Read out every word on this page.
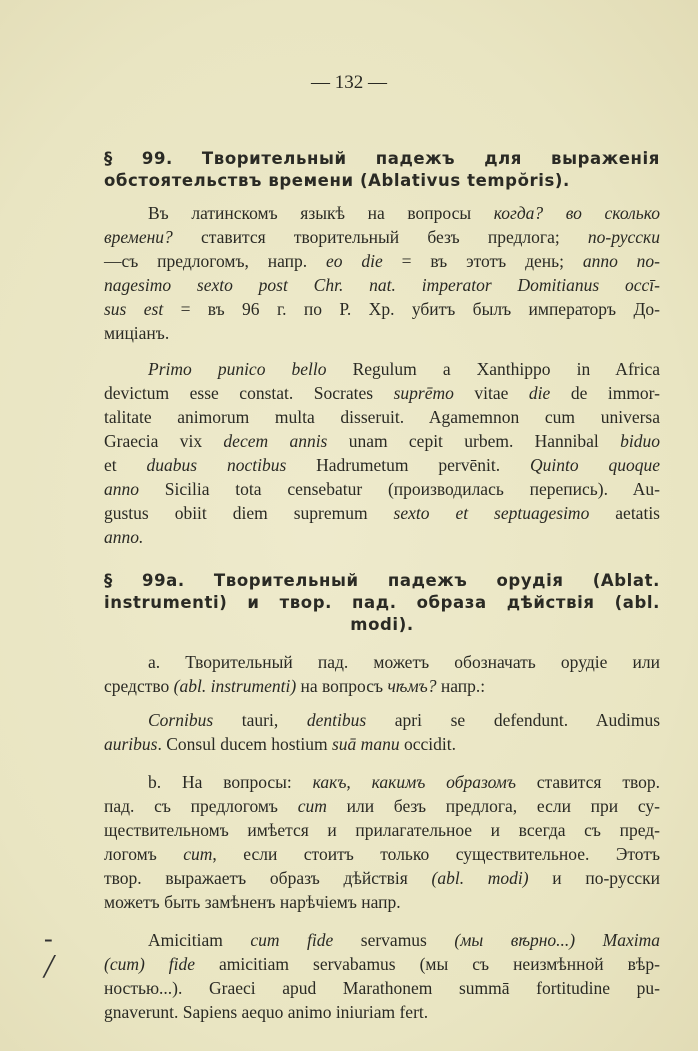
— 132 —
§ 99. Творительный падежъ для выраженія
обстоятельствъ времени (Ablativus tempŏris).
Въ латинскомъ языкѣ на вопросы когда? во сколько
времени? ставится творительный безъ предлога; по-русски
—съ предлогомъ, напр. eo die = въ этотъ день; anno no-
nagesimo sexto post Chr. nat. imperator Domitianus occī-
sus est = въ 96 г. по Р. Хр. убитъ былъ императоръ До-
миціанъ.
Primo punico bello Regulum a Xanthippo in Africa
devictum esse constat. Socrates suprēmo vitae die de immor-
talitate animorum multa disseruit. Agamemnon cum universa
Graecia vix decem annis unam cepit urbem. Hannibal biduo
et duabus noctibus Hadrumetum pervēnit. Quinto quoque
anno Sicilia tota censebatur (производилась перепись). Au-
gustus obiit diem supremum sexto et septuagesimo aetatis
anno.
§ 99a. Творительный падежъ орудія (Ablat.
instrumenti) и твор. пад. образа дѣйствія (abl.
modi).
a. Творительный пад. можетъ обозначать орудіе или
средство (abl. instrumenti) на вопросъ чѣмъ? напр.:
Cornibus tauri, dentibus apri se defendunt. Audimus
auribus. Consul ducem hostium suā manu occidit.
b. На вопросы: какъ, какимъ образомъ ставится твор.
пад. съ предлогомъ cum или безъ предлога, если при су-
ществительномъ имѣется и прилагательное и всегда съ пред-
логомъ cum, если стоитъ только существительное. Этотъ
твор. выражаетъ образъ дѣйствія (abl. modi) и по-русски
можетъ быть замѣненъ нарѣчіемъ напр.
Amicitiam cum fide servamus (мы вѣрно...) Maxima
(cum) fide amicitiam servabamus (мы съ неизмѣнной вѣр-
ностью...). Graeci apud Marathonem summā fortitudine pu-
gnaverunt. Sapiens aequo animo iniuriam fert.
-
/
